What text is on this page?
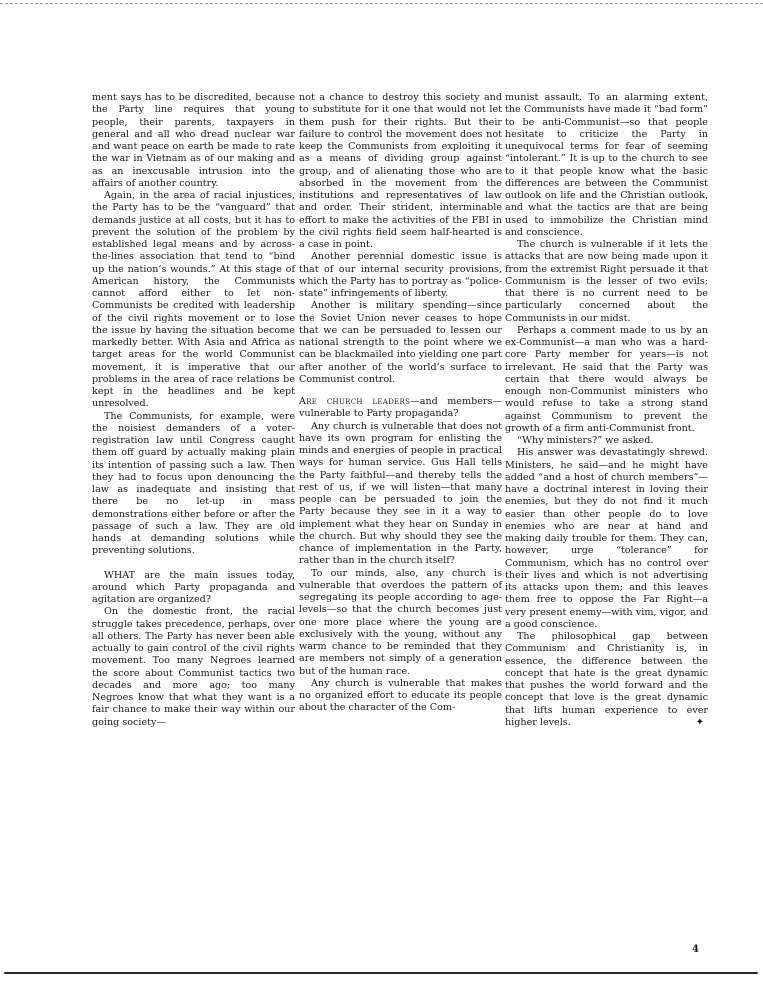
ment says has to be discredited, because the Party line requires that young people, their parents, taxpayers in general and all who dread nuclear war and want peace on earth be made to rate the war in Vietnam as of our making and as an inexcusable intrusion into the affairs of another country.

Again, in the area of racial injustices, the Party has to be the “vanguard” that demands justice at all costs, but it has to prevent the solution of the problem by established legal means and by across-the-lines association that tend to “bind up the nation’s wounds.” At this stage of American history, the Communists cannot afford either to let non-Communists be credited with leadership of the civil rights movement or to lose the issue by having the situation become markedly better. With Asia and Africa as target areas for the world Communist movement, it is imperative that our problems in the area of race relations be kept in the headlines and be kept unresolved.

The Communists, for example, were the noisiest demanders of a voter-registration law until Congress caught them off guard by actually making plain its intention of passing such a law. Then they had to focus upon denouncing the law as inadequate and insisting that there be no let-up in mass demonstrations either before or after the passage of such a law. They are old hands at demanding solutions while preventing solutions.

WHAT are the main issues today, around which Party propaganda and agitation are organized?

On the domestic front, the racial struggle takes precedence, perhaps, over all others. The Party has never been able actually to gain control of the civil rights movement. Too many Negroes learned the score about Communist tactics two decades and more ago; too many Negroes know that what they want is a fair chance to make their way within our going society—

not a chance to destroy this society and to substitute for it one that would not let them push for their rights. But their failure to control the movement does not keep the Communists from exploiting it as a means of dividing group against group, and of alienating those who are absorbed in the movement from the institutions and representatives of law and order. Their strident, interminable effort to make the activities of the FBI in the civil rights field seem half-hearted is a case in point.

Another perennial domestic issue is that of our internal security provisions, which the Party has to portray as “police-state” infringements of liberty.

Another is military spending—since the Soviet Union never ceases to hope that we can be persuaded to lessen our national strength to the point where we can be blackmailed into yielding one part after another of the world’s surface to Communist control.

Are church leaders—and members—vulnerable to Party propaganda?

Any church is vulnerable that does not have its own program for enlisting the minds and energies of people in practical ways for human service. Gus Hall tells the Party faithful—and thereby tells the rest of us, if we will listen—that many people can be persuaded to join the Party because they see in it a way to implement what they hear on Sunday in the church. But why should they see the chance of implementation in the Party, rather than in the church itself?

To our minds, also, any church is vulnerable that overdoes the pattern of segregating its people according to age-levels—so that the church becomes just one more place where the young are exclusively with the young, without any warm chance to be reminded that they are members not simply of a generation but of the human race.

Any church is vulnerable that makes no organized effort to educate its people about the character of the Com-

munist assault. To an alarming extent, the Communists have made it “bad form” to be anti-Communist—so that people hesitate to criticize the Party in unequivocal terms for fear of seeming “intolerant.” It is up to the church to see to it that people know what the basic differences are between the Communist outlook on life and the Christian outlook, and what the tactics are that are being used to immobilize the Christian mind and conscience.

The church is vulnerable if it lets the attacks that are now being made upon it from the extremist Right persuade it that Communism is the lesser of two evils; that there is no current need to be particularly concerned about the Communists in our midst.

Perhaps a comment made to us by an ex-Communist—a man who was a hard-core Party member for years—is not irrelevant. He said that the Party was certain that there would always be enough non-Communist ministers who would refuse to take a strong stand against Communism to prevent the growth of a firm anti-Communist front.

“Why ministers?” we asked.

His answer was devastatingly shrewd. Ministers, he said—and he might have added “and a host of church members”—have a doctrinal interest in loving their enemies, but they do not find it much easier than other people do to love enemies who are near at hand and making daily trouble for them. They can, however, urge “tolerance” for Communism, which has no control over their lives and which is not advertising its attacks upon them; and this leaves them free to oppose the Far Right—a very present enemy—with vim, vigor, and a good conscience.

The philosophical gap between Communism and Christianity is, in essence, the difference between the concept that hate is the great dynamic that pushes the world forward and the concept that love is the great dynamic that lifts human experience to ever higher levels.	✦

4
